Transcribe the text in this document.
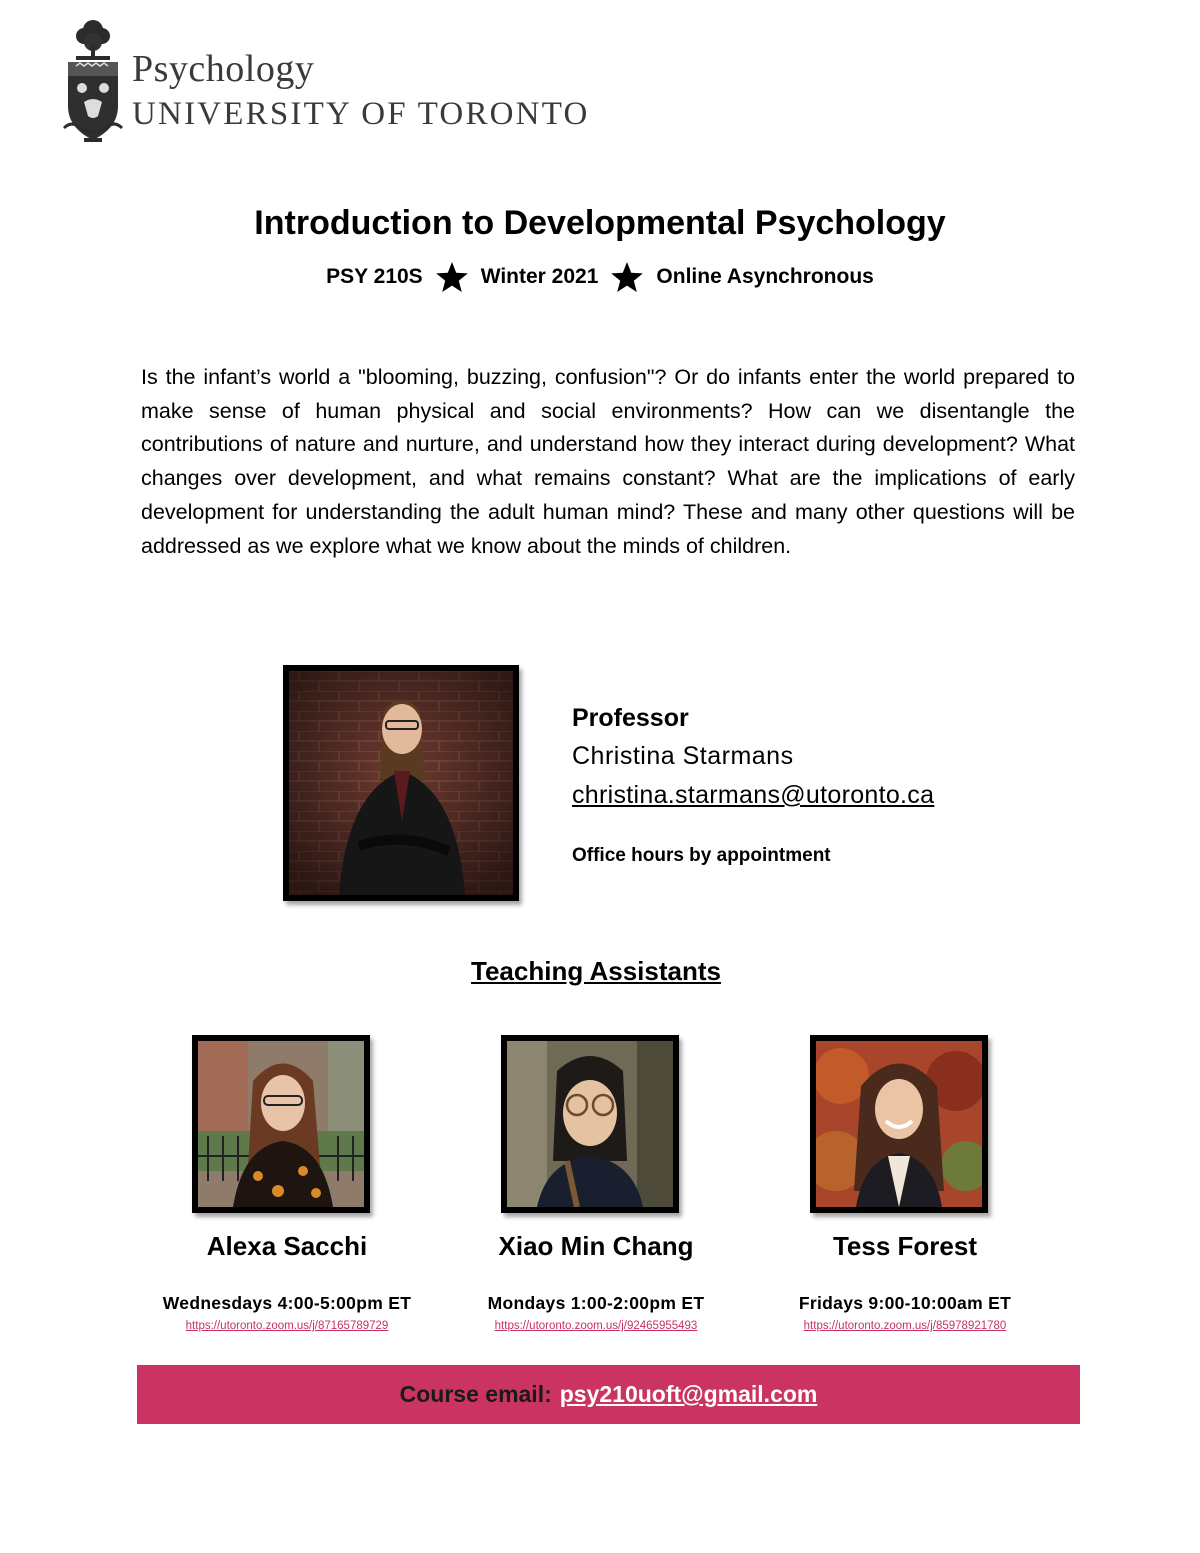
Psychology
UNIVERSITY OF TORONTO
Introduction to Developmental Psychology
PSY 210S	Winter 2021	Online Asynchronous
Is the infant’s world a "blooming, buzzing, confusion"? Or do infants enter the world prepared to make sense of human physical and social environments? How can we disentangle the contributions of nature and nurture, and understand how they interact during development? What changes over development, and what remains constant? What are the implications of early development for understanding the adult human mind? These and many other questions will be addressed as we explore what we know about the minds of children.
Professor
Christina Starmans
christina.starmans@utoronto.ca
Office hours by appointment
Teaching Assistants
Alexa Sacchi
Wednesdays 4:00-5:00pm ET
https://utoronto.zoom.us/j/87165789729
Xiao Min Chang
Mondays 1:00-2:00pm ET
https://utoronto.zoom.us/j/92465955493
Tess Forest
Fridays 9:00-10:00am ET
https://utoronto.zoom.us/j/85978921780
Course email: psy210uoft@gmail.com
